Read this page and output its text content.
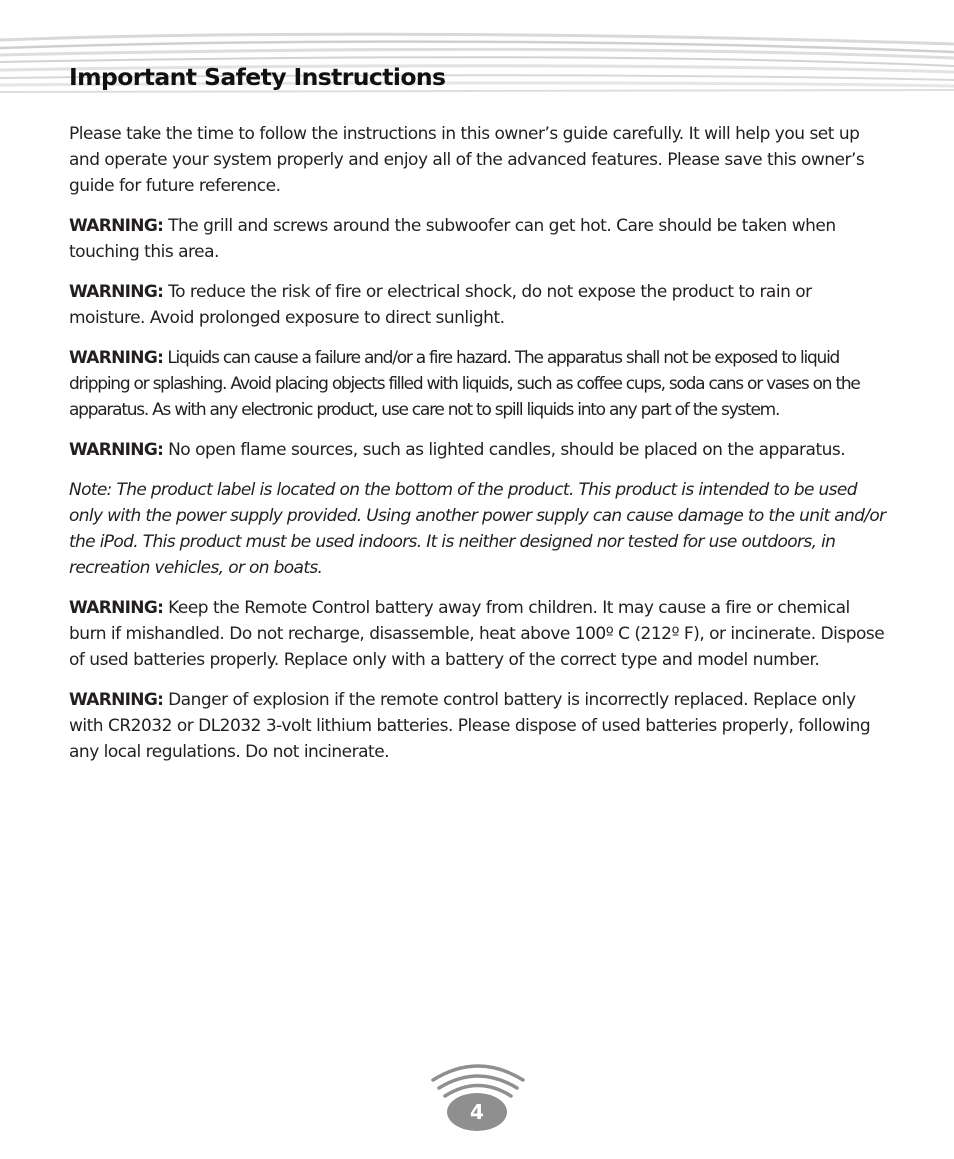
Important Safety Instructions

Please take the time to follow the instructions in this owner’s guide carefully. It will help you set up and operate your system properly and enjoy all of the advanced features. Please save this owner’s guide for future reference.

WARNING: The grill and screws around the subwoofer can get hot. Care should be taken when touching this area.

WARNING: To reduce the risk of fire or electrical shock, do not expose the product to rain or moisture. Avoid prolonged exposure to direct sunlight.

WARNING: Liquids can cause a failure and/or a fire hazard. The apparatus shall not be exposed to liquid dripping or splashing. Avoid placing objects filled with liquids, such as coffee cups, soda cans or vases on the apparatus. As with any electronic product, use care not to spill liquids into any part of the system.

WARNING: No open flame sources, such as lighted candles, should be placed on the apparatus.

Note: The product label is located on the bottom of the product. This product is intended to be used only with the power supply provided. Using another power supply can cause damage to the unit and/or the iPod. This product must be used indoors. It is neither designed nor tested for use outdoors, in recreation vehicles, or on boats.

WARNING: Keep the Remote Control battery away from children. It may cause a fire or chemical burn if mishandled. Do not recharge, disassemble, heat above 100º C (212º F), or incinerate. Dispose of used batteries properly. Replace only with a battery of the correct type and model number.

WARNING: Danger of explosion if the remote control battery is incorrectly replaced. Replace only with CR2032 or DL2032 3-volt lithium batteries. Please dispose of used batteries properly, following any local regulations. Do not incinerate.

4
